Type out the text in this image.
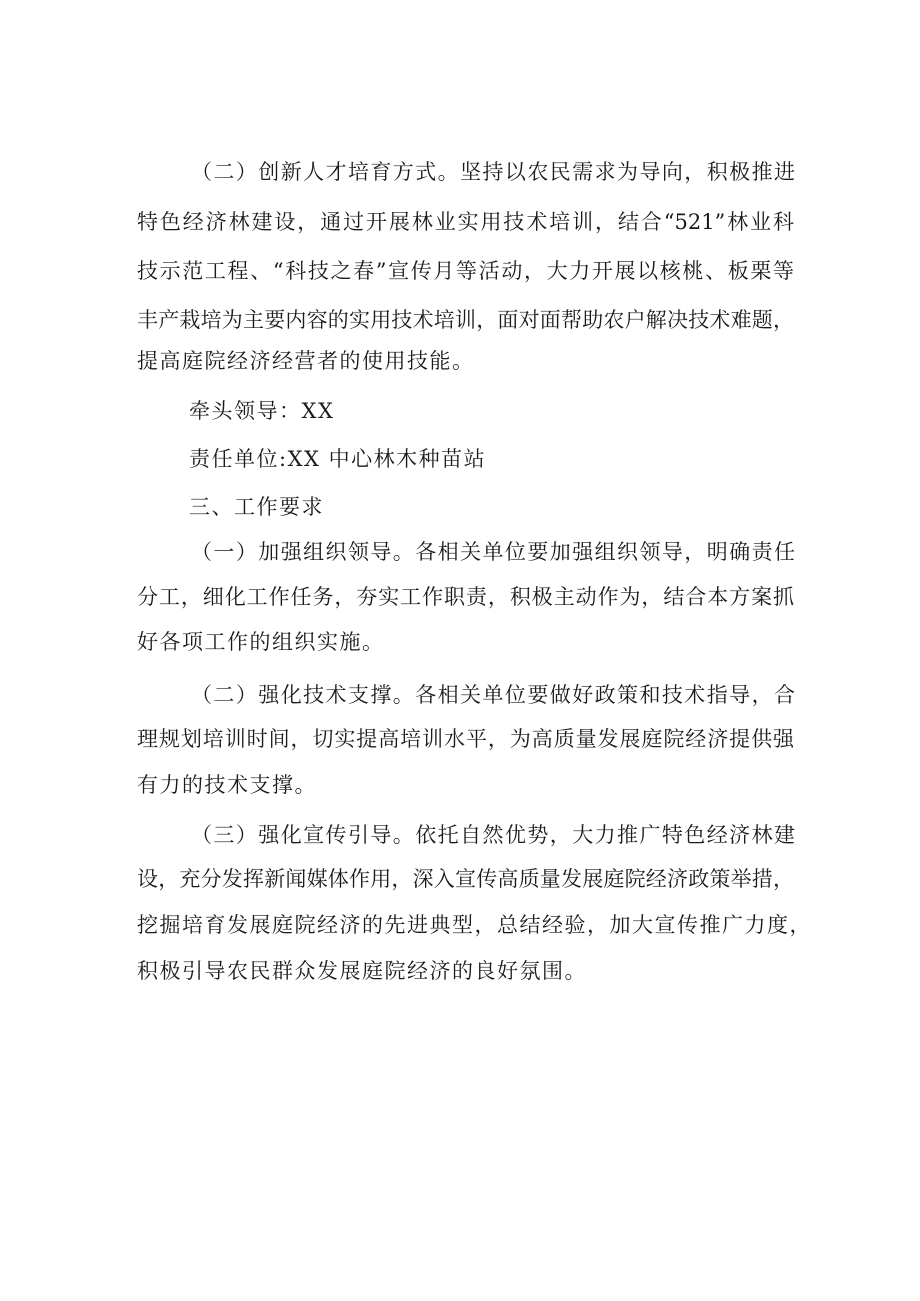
（二）创新人才培育方式。坚持以农民需求为导向，积极推进
特色经济林建设，通过开展林业实用技术培训，结合“521”林业科
技示范工程、“科技之春”宣传月等活动，大力开展以核桃、板栗等
丰产栽培为主要内容的实用技术培训，面对面帮助农户解决技术难题，
提高庭院经济经营者的使用技能。
牵头领导：XX
责任单位:XX 中心林木种苗站
三、工作要求
（一）加强组织领导。各相关单位要加强组织领导，明确责任
分工，细化工作任务，夯实工作职责，积极主动作为，结合本方案抓
好各项工作的组织实施。
（二）强化技术支撑。各相关单位要做好政策和技术指导，合
理规划培训时间，切实提高培训水平，为高质量发展庭院经济提供强
有力的技术支撑。
（三）强化宣传引导。依托自然优势，大力推广特色经济林建
设，充分发挥新闻媒体作用，深入宣传高质量发展庭院经济政策举措，
挖掘培育发展庭院经济的先进典型，总结经验，加大宣传推广力度，
积极引导农民群众发展庭院经济的良好氛围。
